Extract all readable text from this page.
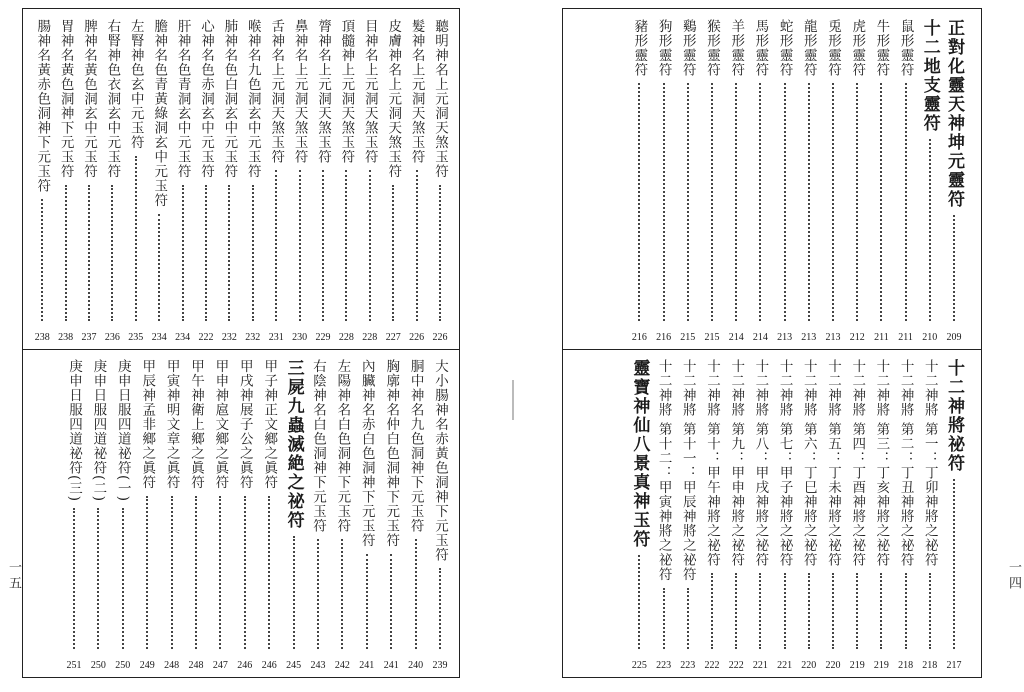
聽明神名上元洞天煞玉符
226
髮神名上元洞天煞玉符
226
皮膚神名上元洞天煞玉符
227
目神名上元洞天煞玉符
228
頂髓神上元洞天煞玉符
228
膂神名上元洞天煞玉符
229
鼻神名上元洞天煞玉符
230
舌神名上元洞天煞玉符
231
喉神名九色洞玄中元玉符
232
肺神名色白洞玄中元玉符
232
心神名色赤洞玄中元玉符
222
肝神名色青洞玄中元玉符
234
膽神名色青黃綠洞玄中元玉符
234
左腎神色玄中元玉符
235
右腎神色衣洞玄中元玉符
236
脾神名黃色洞玄中元玉符
237
胃神名黃色洞神下元玉符
238
腸神名黃赤色洞神下元玉符
238
大小腸神名赤黃色洞神下元玉符
239
胴中神名九色洞神下元玉符
240
胸廓神名仲白色洞神下元玉符
241
內臟神名赤白色洞神下元玉符
241
左陽神名白色洞神下元玉符
242
右陰神名白色洞神下元玉符
243
三屍九蟲滅絶之祕符
245
甲子神正文鄉之眞符
246
甲戌神展子公之眞符
246
甲申神扈文鄉之眞符
247
甲午神衛上鄉之眞符
248
甲寅神明文章之眞符
248
甲辰神孟非鄉之眞符
249
庚申日服四道祕符(一)
250
庚申日服四道祕符(二)
250
庚申日服四道祕符(三)
251
正對化靈天神坤元靈符
209
十二地支靈符
210
鼠形靈符
211
牛形靈符
211
虎形靈符
212
兎形靈符
213
龍形靈符
213
蛇形靈符
213
馬形靈符
214
羊形靈符
214
猴形靈符
215
鷄形靈符
215
狗形靈符
216
豬形靈符
216
十二神將祕符
217
十二神將 第一：丁卯神將之祕符
218
十二神將 第二：丁丑神將之祕符
218
十二神將 第三：丁亥神將之祕符
219
十二神將 第四：丁酉神將之祕符
219
十二神將 第五：丁未神將之祕符
220
十二神將 第六：丁巳神將之祕符
220
十二神將 第七：甲子神將之祕符
221
十二神將 第八：甲戌神將之祕符
221
十二神將 第九：甲申神將之祕符
222
十二神將 第十：甲午神將之祕符
222
十二神將 第十一：甲辰神將之祕符
223
十二神將 第十二：甲寅神將之祕符
223
靈寶神仙八景真神玉符
225
一五	一四
